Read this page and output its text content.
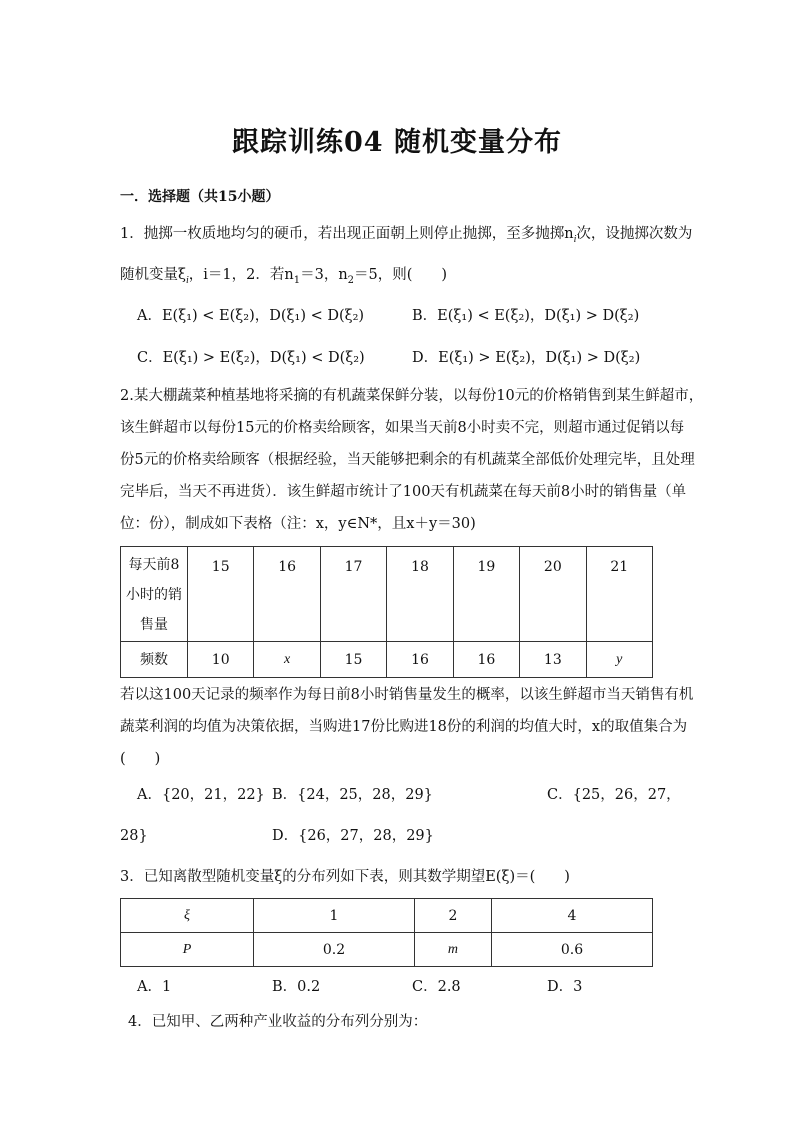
跟踪训练04 随机变量分布
一．选择题（共15小题）
1．抛掷一枚质地均匀的硬币，若出现正面朝上则停止抛掷，至多抛掷$n_i$次，设抛掷次数为
随机变量$\xi_i$，i＝1，2．若$n_1=3$，$n_2=5$，则(　　)
A．E(ξ₁) < E(ξ₂)，D(ξ₁) < D(ξ₂)	B．E(ξ₁) < E(ξ₂)，D(ξ₁) > D(ξ₂)
C．E(ξ₁) > E(ξ₂)，D(ξ₁) < D(ξ₂)	D．E(ξ₁) > E(ξ₂)，D(ξ₁) > D(ξ₂)
2.某大棚蔬菜种植基地将采摘的有机蔬菜保鲜分装，以每份10元的价格销售到某生鲜超市，
该生鲜超市以每份15元的价格卖给顾客，如果当天前8小时卖不完，则超市通过促销以每
份5元的价格卖给顾客（根据经验，当天能够把剩余的有机蔬菜全部低价处理完毕，且处理
完毕后，当天不再进货）．该生鲜超市统计了100天有机蔬菜在每天前8小时的销售量（单
位：份），制成如下表格（注：x，y∈N*，且x＋y＝30)
每天前8
小时的销
售量	15	16	17	18	19	20	21
频数	10	x	15	16	16	13	y
若以这100天记录的频率作为每日前8小时销售量发生的概率，以该生鲜超市当天销售有机
蔬菜利润的均值为决策依据，当购进17份比购进18份的利润的均值大时，x的取值集合为
(　　)
A．{20，21，22} B．{24，25，28，29}	C．{25，26，27，
28}	D．{26，27，28，29}
3．已知离散型随机变量ξ的分布列如下表，则其数学期望E(ξ)＝(　　)
ξ	1	2	4
P	0.2	m	0.6
A．1	B．0.2	C．2.8	D．3
4．已知甲、乙两种产业收益的分布列分别为：
